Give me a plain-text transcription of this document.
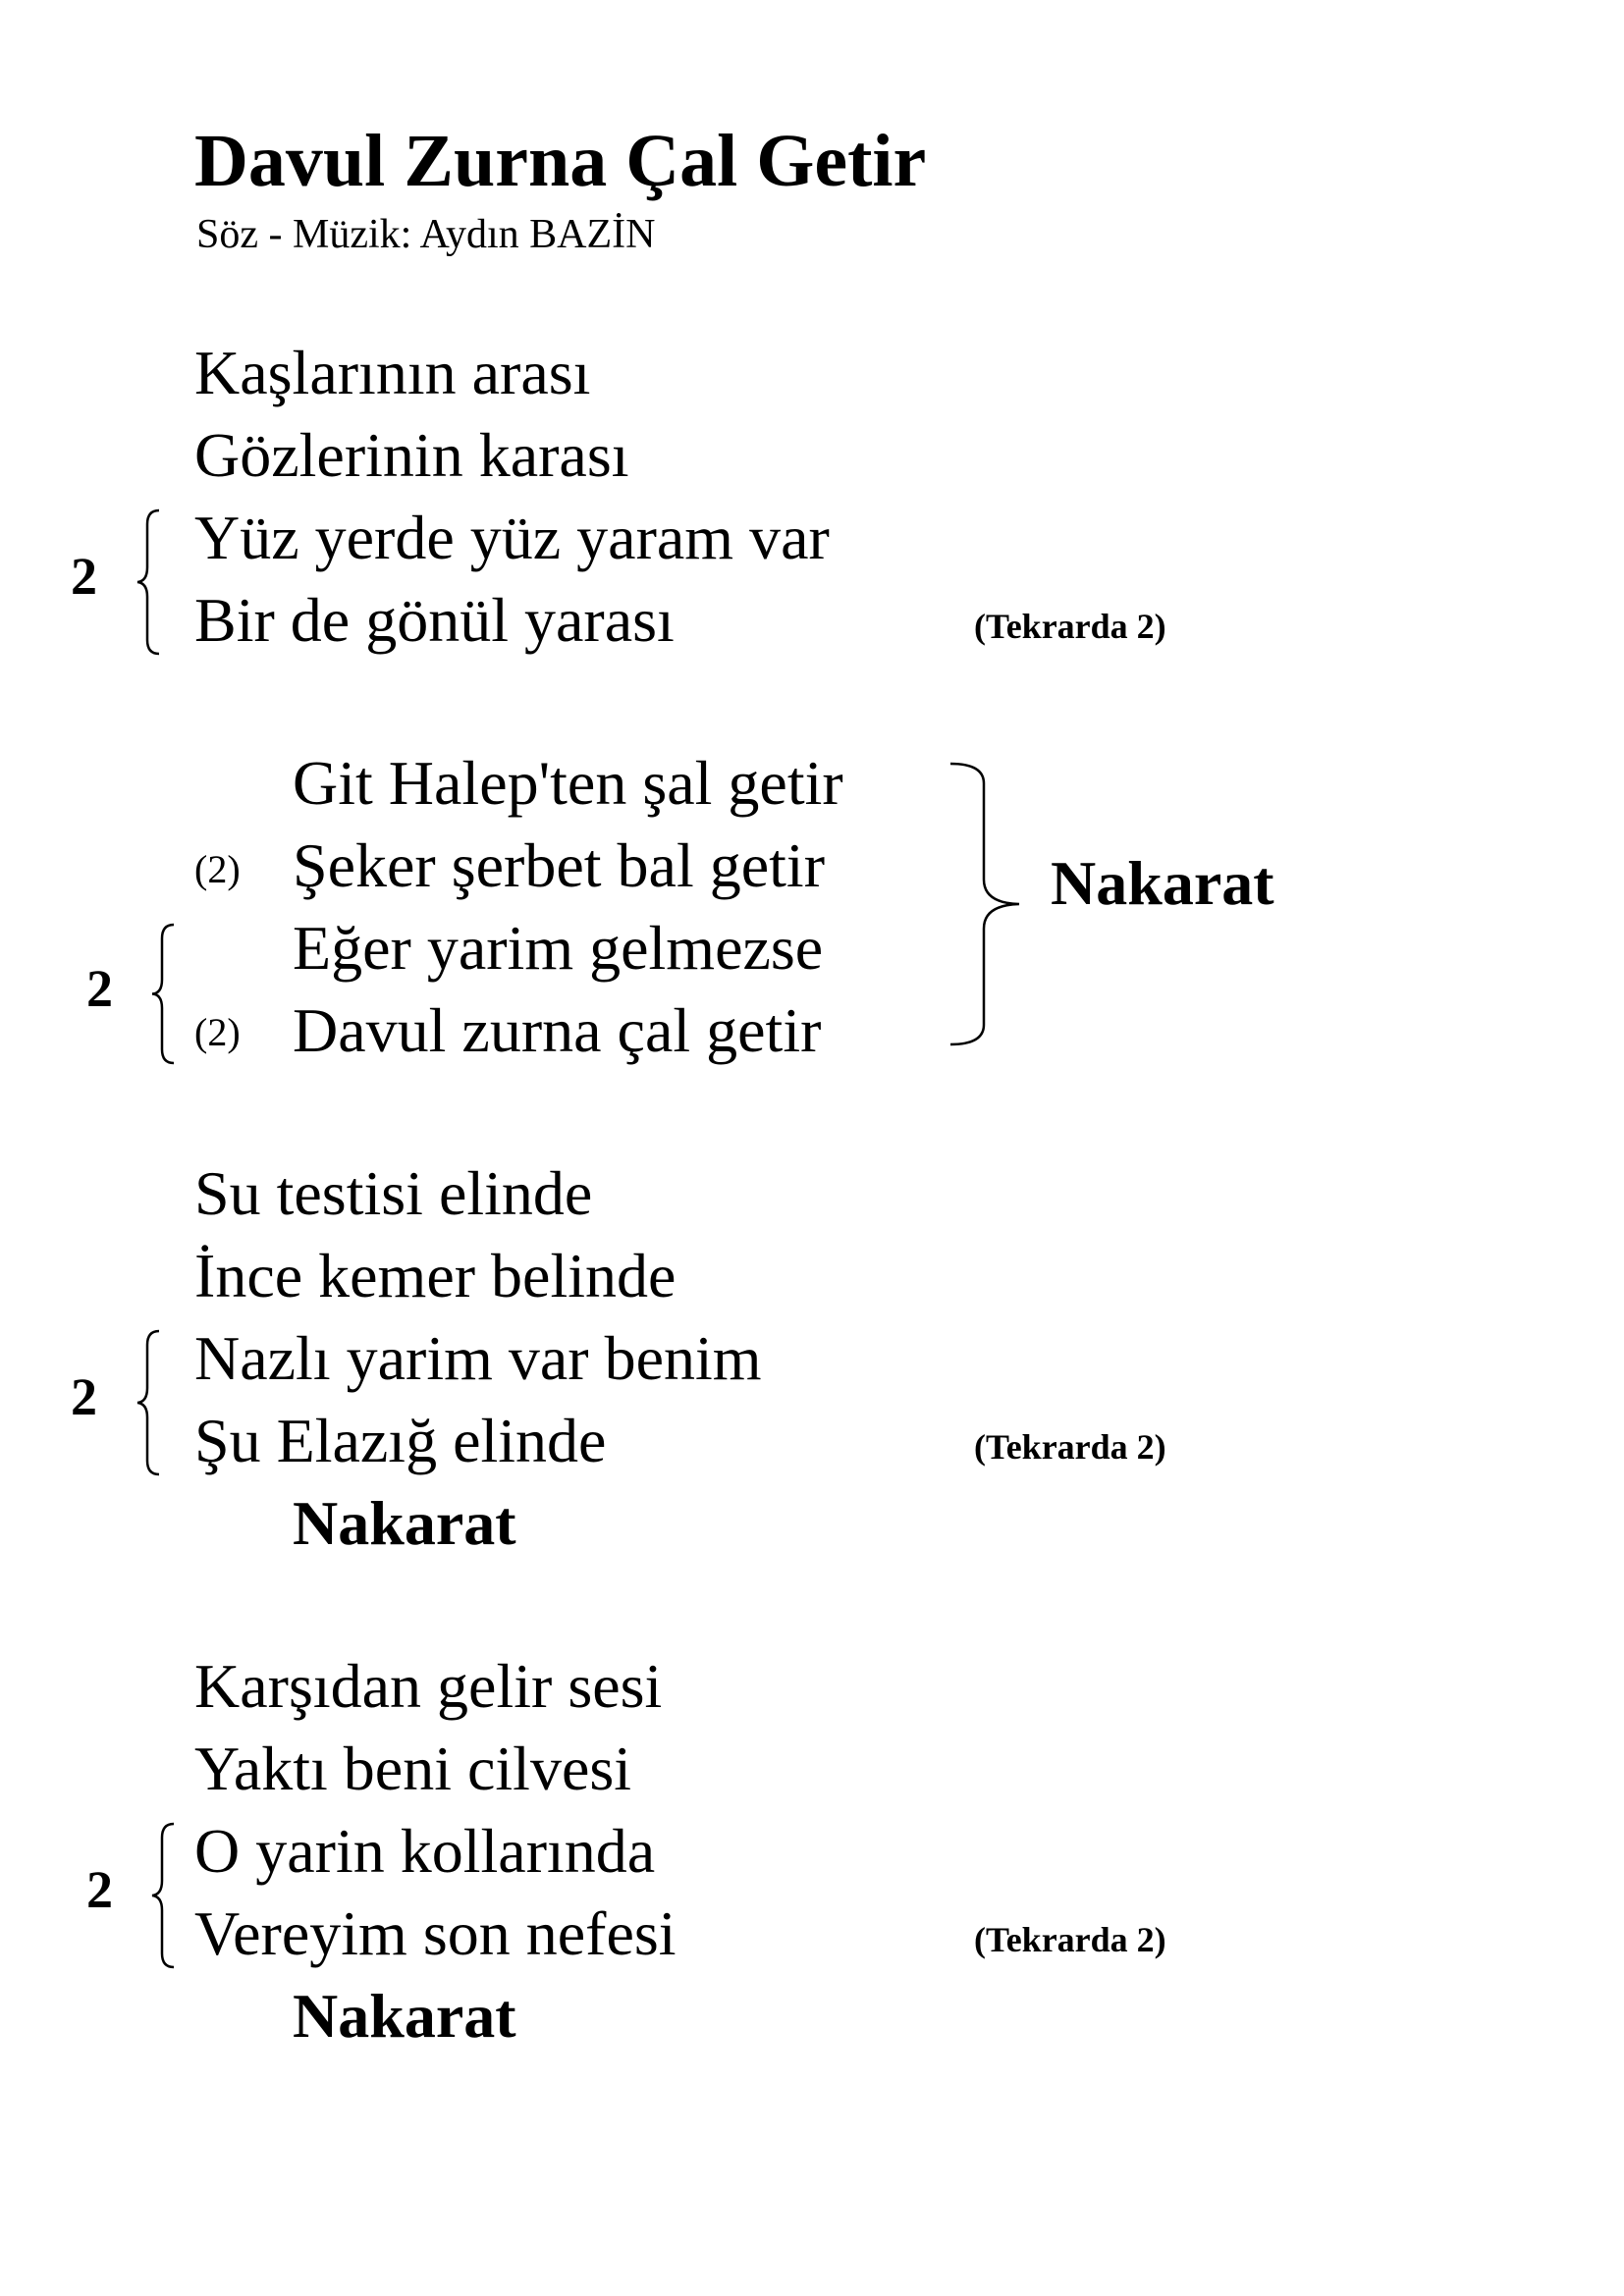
Davul Zurna Çal Getir
Söz - Müzik: Aydın BAZİN
Kaşlarının arası
Gözlerinin karası
Yüz yerde yüz yaram var
Bir de gönül yarası
2
(Tekrarda 2)
Git Halep'ten şal getir
Şeker şerbet bal getir
Eğer yarim gelmezse
Davul zurna çal getir
(2)
(2)
2
Nakarat
Su testisi elinde
İnce kemer belinde
Nazlı yarim var benim
Şu Elazığ elinde
2
(Tekrarda 2)
Nakarat
Karşıdan gelir sesi
Yaktı beni cilvesi
O yarin kollarında
Vereyim son nefesi
2
(Tekrarda 2)
Nakarat
